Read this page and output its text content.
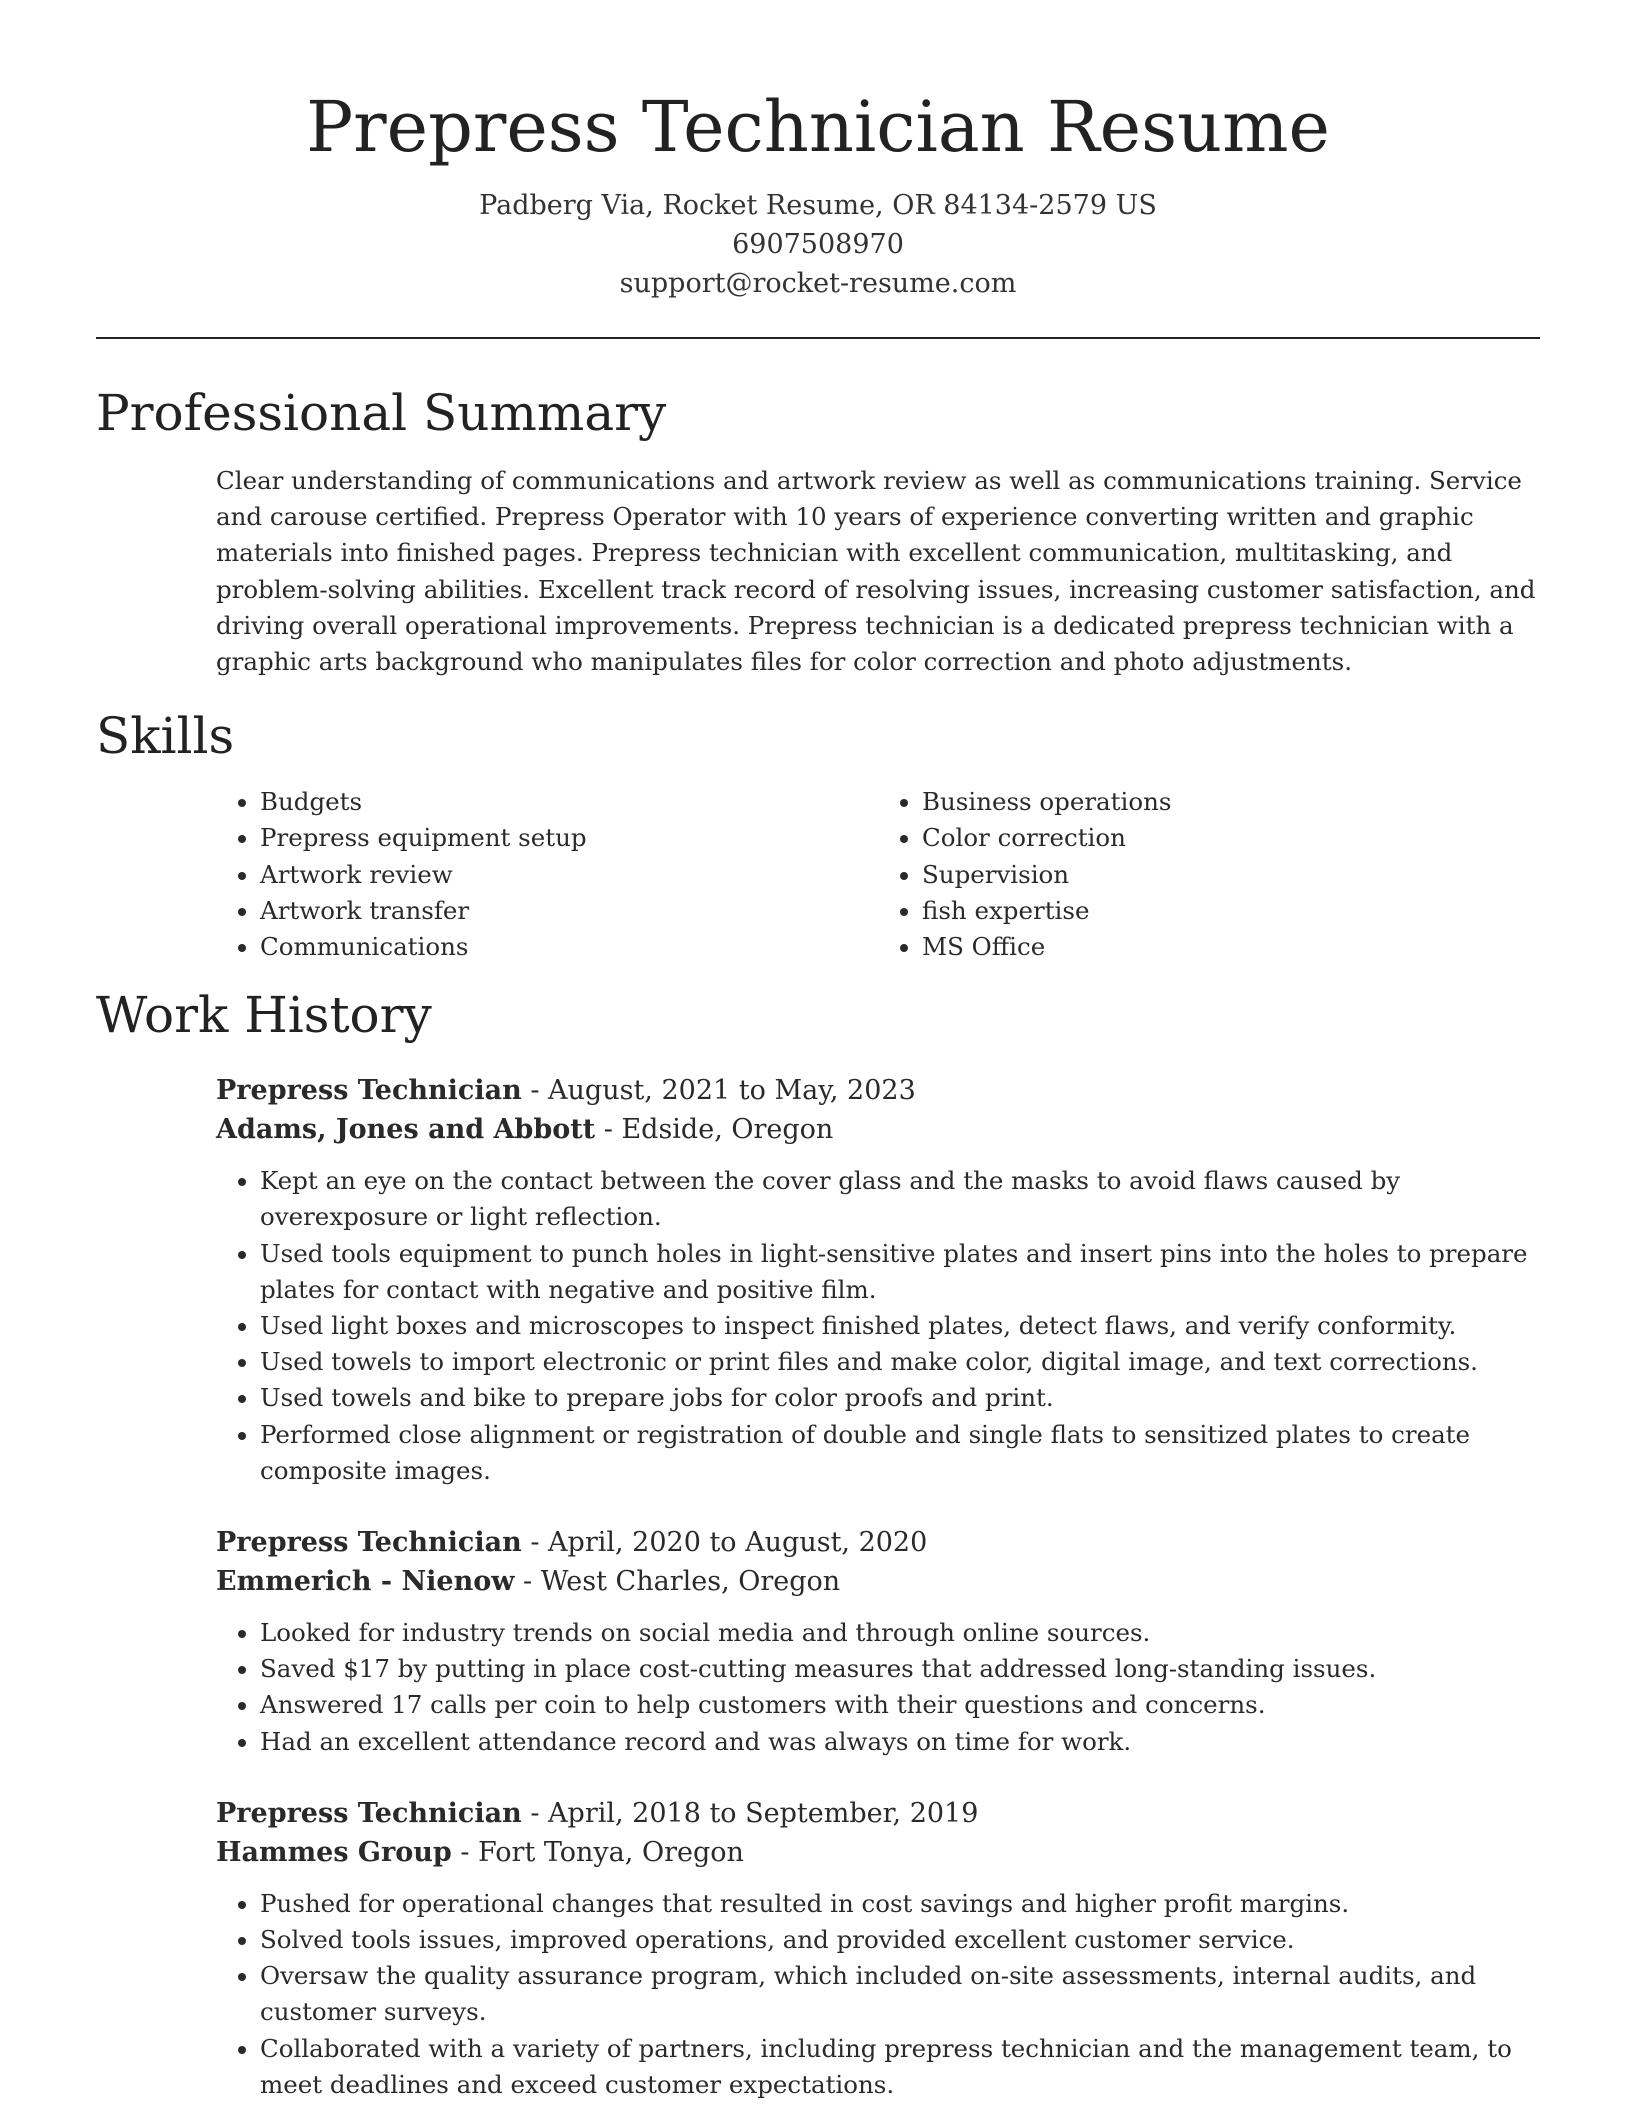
Prepress Technician Resume
Padberg Via, Rocket Resume, OR 84134-2579 US
6907508970
support@rocket-resume.com
Professional Summary
Clear understanding of communications and artwork review as well as communications training. Service and carouse certified. Prepress Operator with 10 years of experience converting written and graphic materials into finished pages. Prepress technician with excellent communication, multitasking, and problem-solving abilities. Excellent track record of resolving issues, increasing customer satisfaction, and driving overall operational improvements. Prepress technician is a dedicated prepress technician with a graphic arts background who manipulates files for color correction and photo adjustments.
Skills
• Budgets
• Prepress equipment setup
• Artwork review
• Artwork transfer
• Communications
• Business operations
• Color correction
• Supervision
• fish expertise
• MS Office
Work History
Prepress Technician - August, 2021 to May, 2023
Adams, Jones and Abbott - Edside, Oregon
• Kept an eye on the contact between the cover glass and the masks to avoid flaws caused by overexposure or light reflection.
• Used tools equipment to punch holes in light-sensitive plates and insert pins into the holes to prepare plates for contact with negative and positive film.
• Used light boxes and microscopes to inspect finished plates, detect flaws, and verify conformity.
• Used towels to import electronic or print files and make color, digital image, and text corrections.
• Used towels and bike to prepare jobs for color proofs and print.
• Performed close alignment or registration of double and single flats to sensitized plates to create composite images.
Prepress Technician - April, 2020 to August, 2020
Emmerich - Nienow - West Charles, Oregon
• Looked for industry trends on social media and through online sources.
• Saved $17 by putting in place cost-cutting measures that addressed long-standing issues.
• Answered 17 calls per coin to help customers with their questions and concerns.
• Had an excellent attendance record and was always on time for work.
Prepress Technician - April, 2018 to September, 2019
Hammes Group - Fort Tonya, Oregon
• Pushed for operational changes that resulted in cost savings and higher profit margins.
• Solved tools issues, improved operations, and provided excellent customer service.
• Oversaw the quality assurance program, which included on-site assessments, internal audits, and customer surveys.
• Collaborated with a variety of partners, including prepress technician and the management team, to meet deadlines and exceed customer expectations.
